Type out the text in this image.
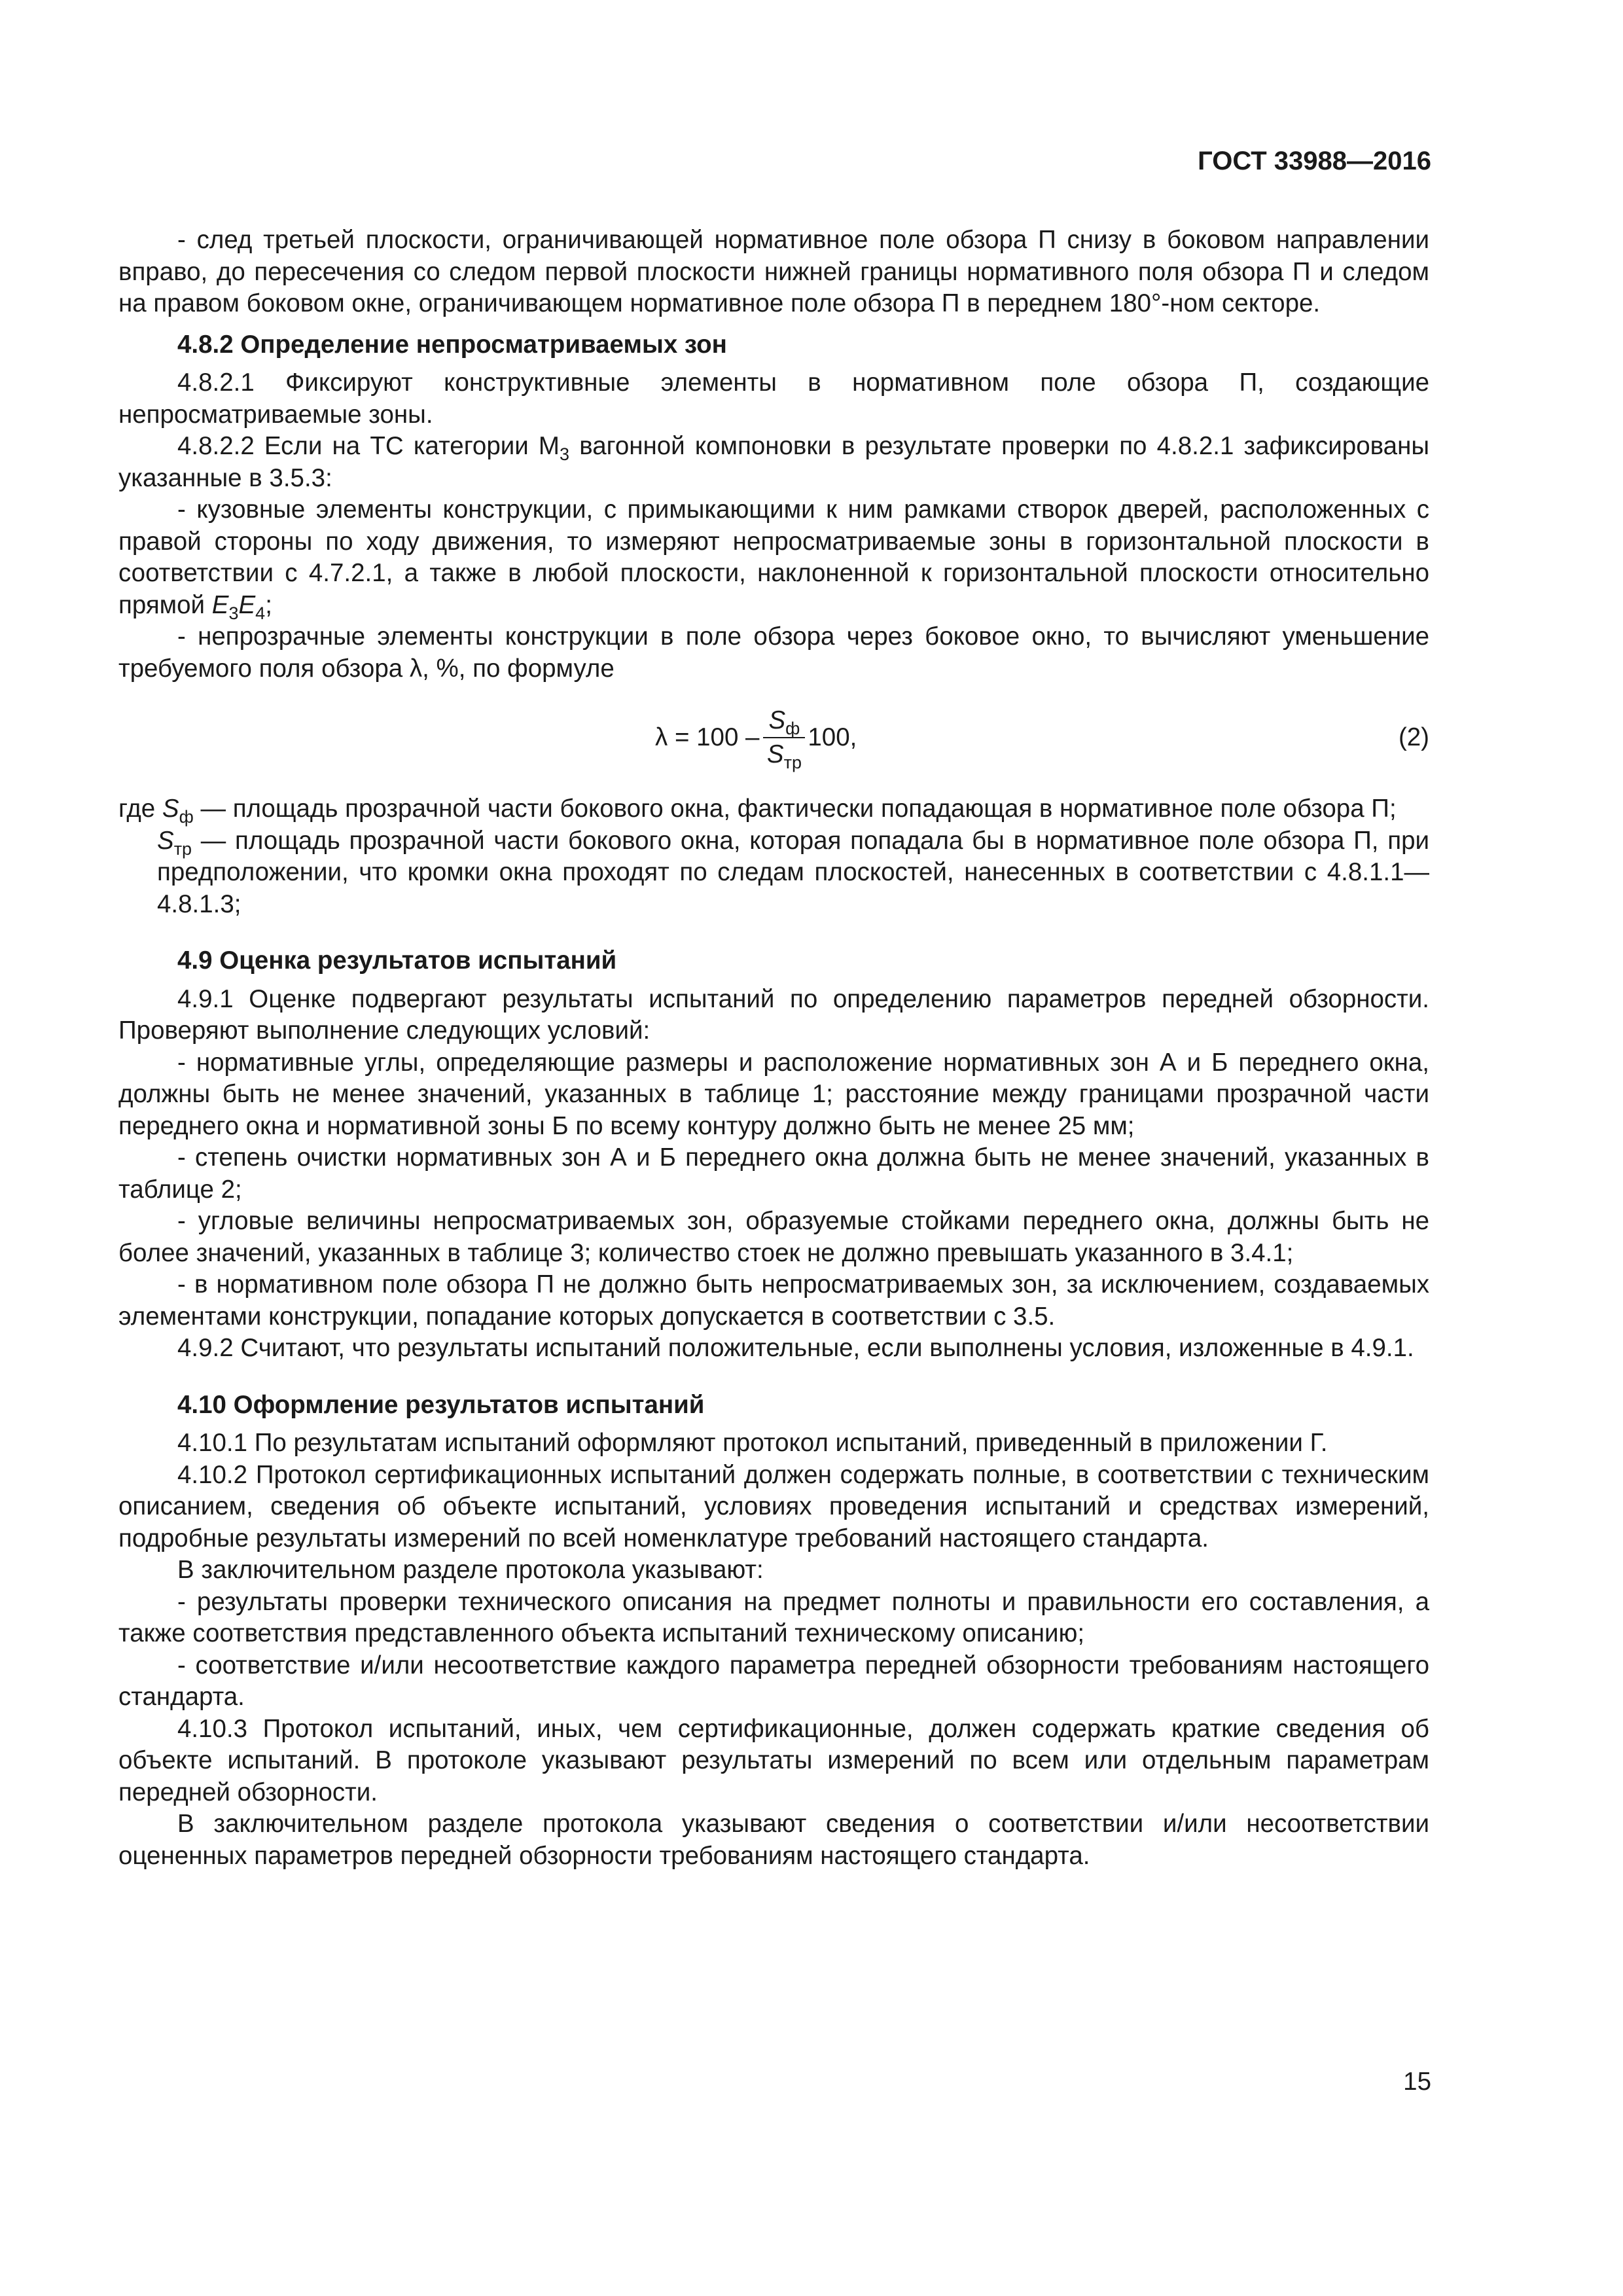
ГОСТ 33988—2016

- след третьей плоскости, ограничивающей нормативное поле обзора П снизу в боковом направлении вправо, до пересечения со следом первой плоскости нижней границы нормативного поля обзора П и следом на правом боковом окне, ограничивающем нормативное поле обзора П в переднем 180°-ном секторе.

4.8.2 Определение непросматриваемых зон

4.8.2.1 Фиксируют конструктивные элементы в нормативном поле обзора П, создающие непросматриваемые зоны.

4.8.2.2 Если на ТС категории $М_3$ вагонной компоновки в результате проверки по 4.8.2.1 зафиксированы указанные в 3.5.3:

- кузовные элементы конструкции, с примыкающими к ним рамками створок дверей, расположенных с правой стороны по ходу движения, то измеряют непросматриваемые зоны в горизонтальной плоскости в соответствии с 4.7.2.1, а также в любой плоскости, наклоненной к горизонтальной плоскости относительно прямой $E_3E_4$;

- непрозрачные элементы конструкции в поле обзора через боковое окно, то вычисляют уменьшение требуемого поля обзора λ, %, по формуле

$\lambda = 100 - \frac{S_ф}{S_{тр}} 100$,	(2)

где $S_ф$ — площадь прозрачной части бокового окна, фактически попадающая в нормативное поле обзора П;

$S_{тр}$ — площадь прозрачной части бокового окна, которая попадала бы в нормативное поле обзора П, при предположении, что кромки окна проходят по следам плоскостей, нанесенных в соответствии с 4.8.1.1—4.8.1.3;

4.9 Оценка результатов испытаний

4.9.1 Оценке подвергают результаты испытаний по определению параметров передней обзорности. Проверяют выполнение следующих условий:

- нормативные углы, определяющие размеры и расположение нормативных зон А и Б переднего окна, должны быть не менее значений, указанных в таблице 1; расстояние между границами прозрачной части переднего окна и нормативной зоны Б по всему контуру должно быть не менее 25 мм;

- степень очистки нормативных зон А и Б переднего окна должна быть не менее значений, указанных в таблице 2;

- угловые величины непросматриваемых зон, образуемые стойками переднего окна, должны быть не более значений, указанных в таблице 3; количество стоек не должно превышать указанного в 3.4.1;

- в нормативном поле обзора П не должно быть непросматриваемых зон, за исключением, создаваемых элементами конструкции, попадание которых допускается в соответствии с 3.5.

4.9.2 Считают, что результаты испытаний положительные, если выполнены условия, изложенные в 4.9.1.

4.10 Оформление результатов испытаний

4.10.1 По результатам испытаний оформляют протокол испытаний, приведенный в приложении Г.

4.10.2 Протокол сертификационных испытаний должен содержать полные, в соответствии с техническим описанием, сведения об объекте испытаний, условиях проведения испытаний и средствах измерений, подробные результаты измерений по всей номенклатуре требований настоящего стандарта.

В заключительном разделе протокола указывают:

- результаты проверки технического описания на предмет полноты и правильности его составления, а также соответствия представленного объекта испытаний техническому описанию;

- соответствие и/или несоответствие каждого параметра передней обзорности требованиям настоящего стандарта.

4.10.3 Протокол испытаний, иных, чем сертификационные, должен содержать краткие сведения об объекте испытаний. В протоколе указывают результаты измерений по всем или отдельным параметрам передней обзорности.

В заключительном разделе протокола указывают сведения о соответствии и/или несоответствии оцененных параметров передней обзорности требованиям настоящего стандарта.

15
